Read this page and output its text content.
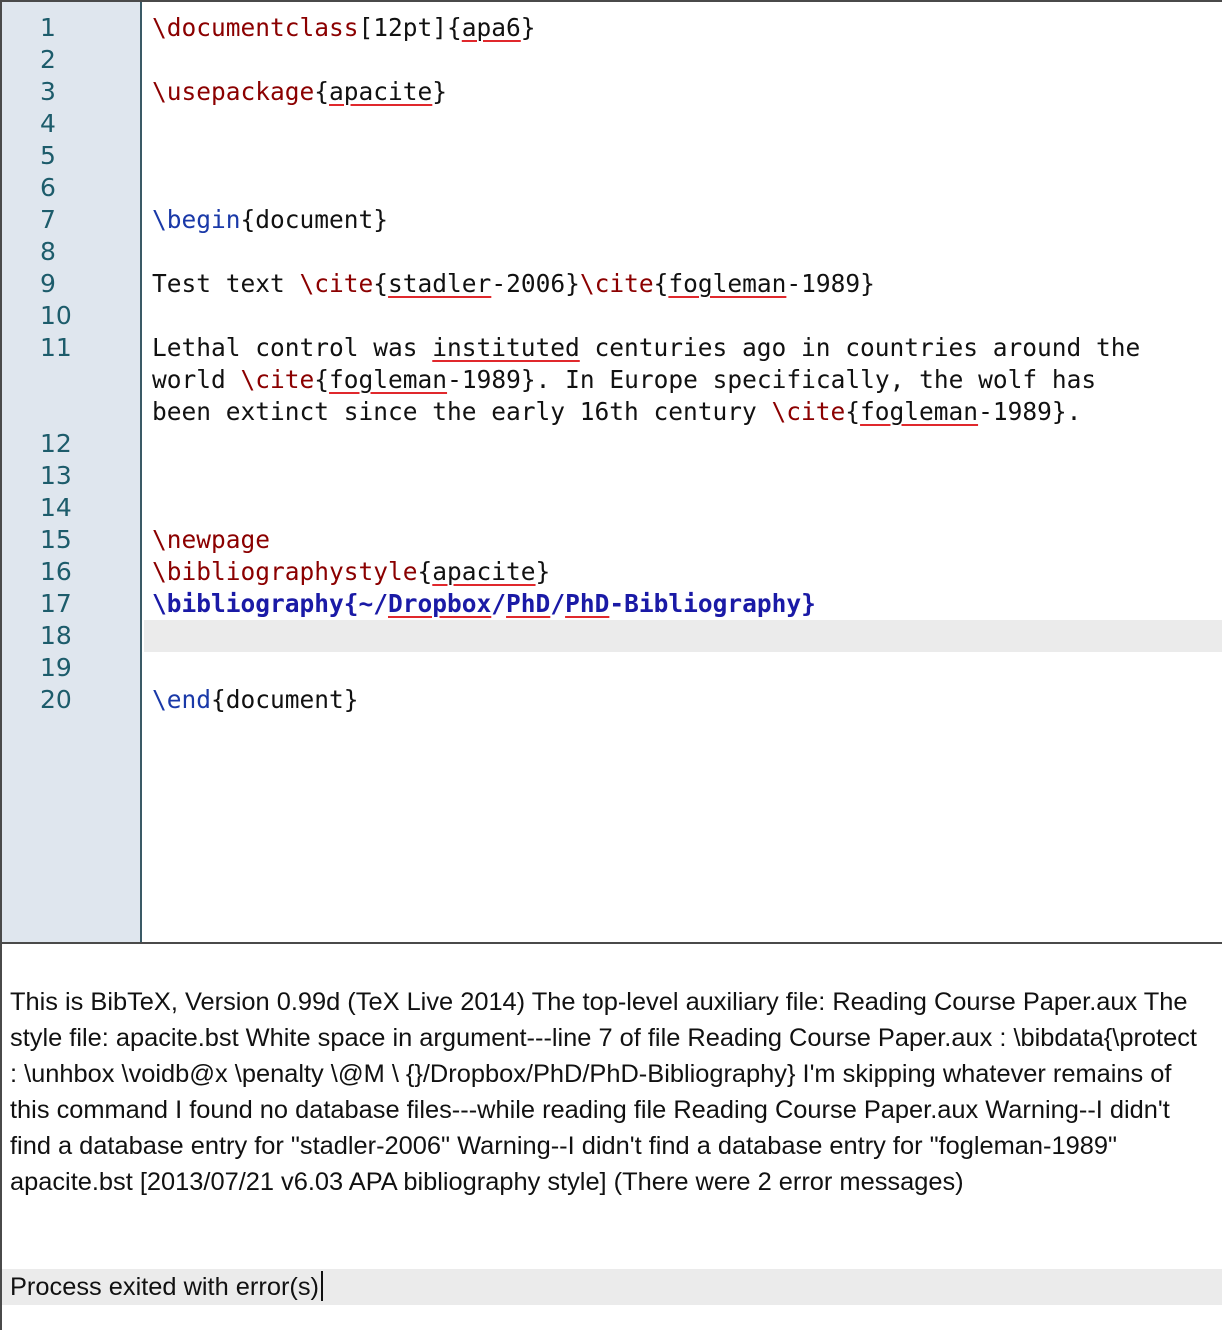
1
2
3
4
5
6
7
8
9
10
11
12
13
14
15
16
17
18
19
20
\documentclass[12pt]{apa6}
\usepackage{apacite}
\begin{document}
Test text \cite{stadler-2006}\cite{fogleman-1989}
Lethal control was instituted centuries ago in countries around the
world \cite{fogleman-1989}. In Europe specifically, the wolf has
been extinct since the early 16th century \cite{fogleman-1989}.
\newpage
\bibliographystyle{apacite}
\bibliography{~/Dropbox/PhD/PhD-Bibliography}
\end{document}
This is BibTeX, Version 0.99d (TeX Live 2014) The top-level auxiliary file: Reading Course Paper.aux The style file: apacite.bst White space in argument---line 7 of file Reading Course Paper.aux : \bibdata{\protect : \unhbox \voidb@x \penalty \@M \ {}/Dropbox/PhD/PhD-Bibliography} I'm skipping whatever remains of this command I found no database files---while reading file Reading Course Paper.aux Warning--I didn't find a database entry for "stadler-2006" Warning--I didn't find a database entry for "fogleman-1989" apacite.bst [2013/07/21 v6.03 APA bibliography style] (There were 2 error messages)
Process exited with error(s)
